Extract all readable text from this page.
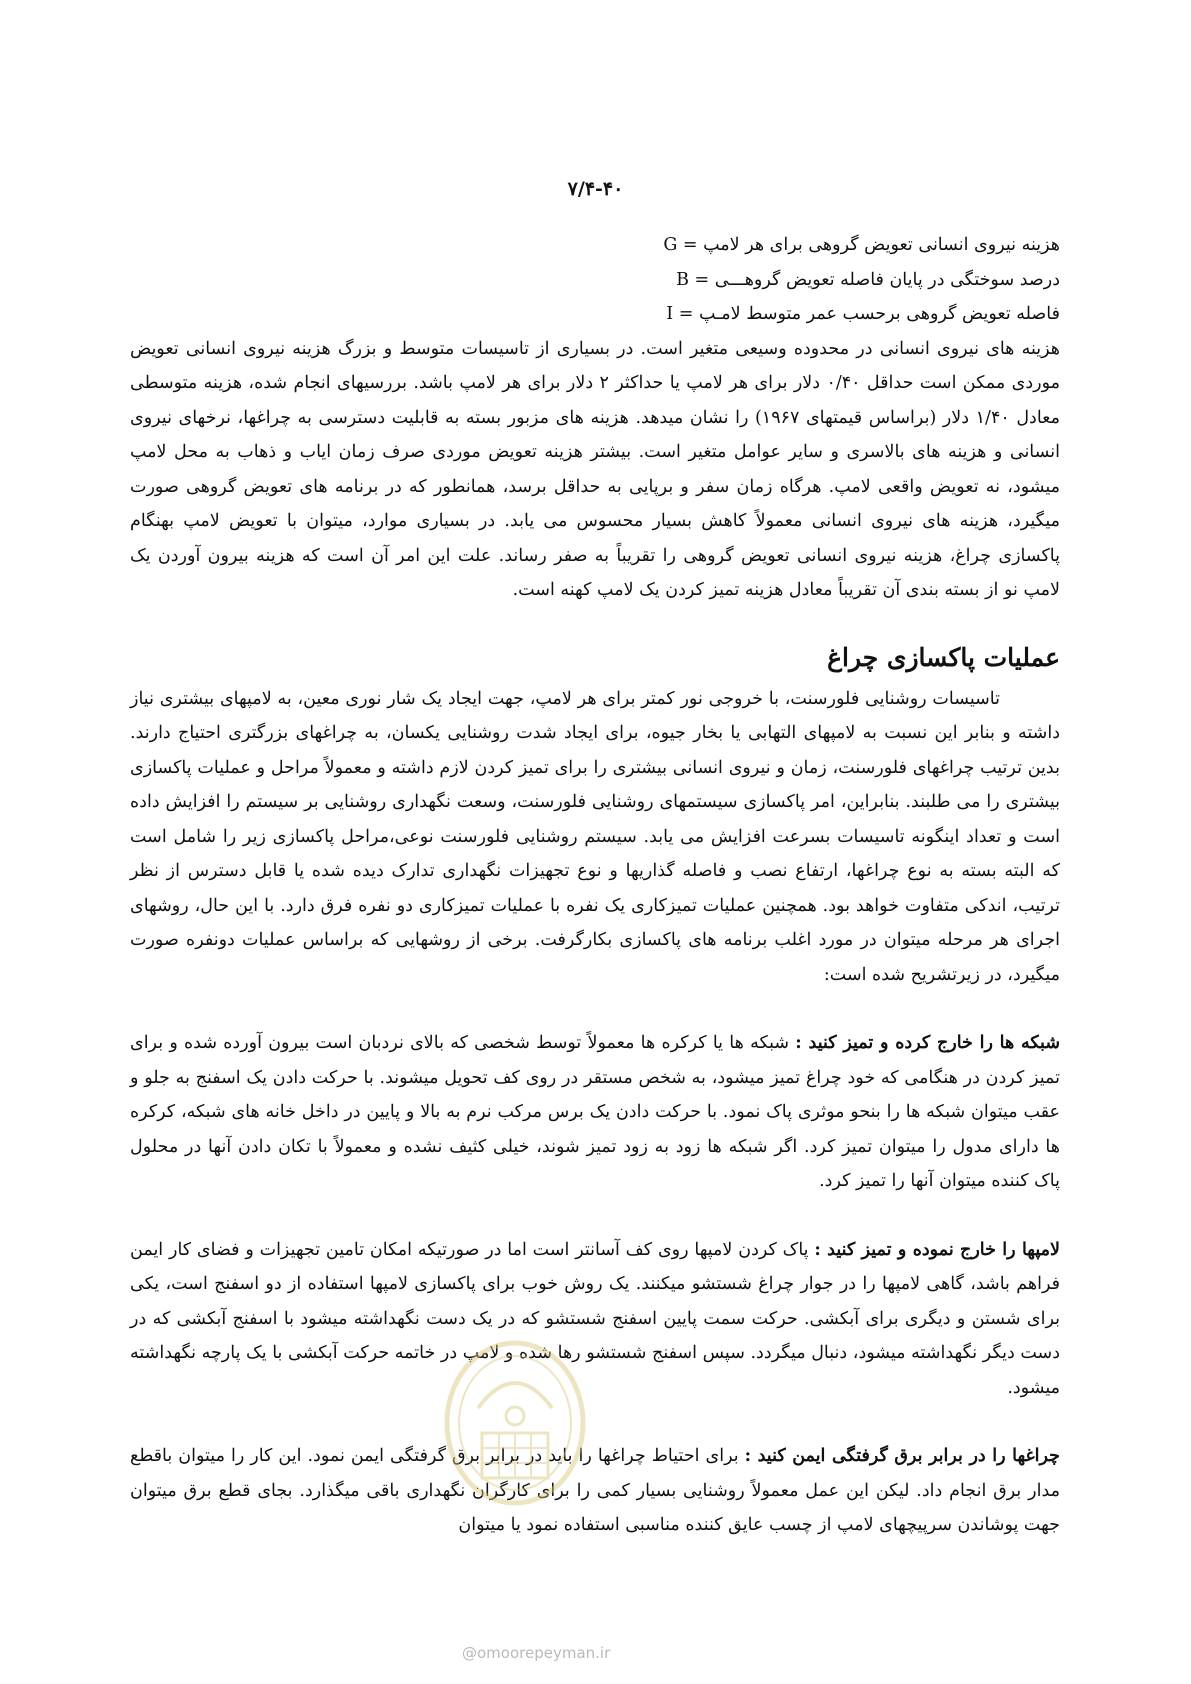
۷/۴-۴۰
هزینه نیروی انسانی تعویض گروهی برای هر لامپ = G
درصد سوختگی در پایان فاصله تعویض گروهـــی = B
فاصله تعویض گروهی برحسب عمر متوسط لامـپ = I

هزینه های نیروی انسانی در محدوده وسیعی متغیر است. در بسیاری از تاسیسات متوسط و بزرگ هزینه نیروی انسانی تعویض موردی ممکن است حداقل ۰/۴۰ دلار برای هر لامپ یا حداکثر ۲ دلار برای هر لامپ باشد. بررسیهای انجام شده، هزینه متوسطی معادل ۱/۴۰ دلار (براساس قیمتهای ۱۹۶۷) را نشان میدهد. هزینه های مزبور بسته به قابلیت دسترسی به چراغها، نرخهای نیروی انسانی و هزینه های بالاسری و سایر عوامل متغیر است. بیشتر هزینه تعویض موردی صرف زمان ایاب و ذهاب به محل لامپ میشود، نه تعویض واقعی لامپ. هرگاه زمان سفر و برپایی به حداقل برسد، همانطور که در برنامه های تعویض گروهی صورت میگیرد، هزینه های نیروی انسانی معمولاً کاهش بسیار محسوس می یابد. در بسیاری موارد، میتوان با تعویض لامپ بهنگام پاکسازی چراغ، هزینه نیروی انسانی تعویض گروهی را تقریباً به صفر رساند. علت این امر آن است که هزینه بیرون آوردن یک لامپ نو از بسته بندی آن تقریباً معادل هزینه تمیز کردن یک لامپ کهنه است.

عملیات پاکسازی چراغ

تاسیسات روشنایی فلورسنت، با خروجی نور کمتر برای هر لامپ، جهت ایجاد یک شار نوری معین، به لامپهای بیشتری نیاز داشته و بنابر این نسبت به لامپهای التهابی یا بخار جیوه، برای ایجاد شدت روشنایی یکسان، به چراغهای بزرگتری احتیاج دارند. بدین ترتیب چراغهای فلورسنت، زمان و نیروی انسانی بیشتری را برای تمیز کردن لازم داشته و معمولاً مراحل و عملیات پاکسازی بیشتری را می طلبند. بنابراین، امر پاکسازی سیستمهای روشنایی فلورسنت، وسعت نگهداری روشنایی بر سیستم را افزایش داده است و تعداد اینگونه تاسیسات بسرعت افزایش می یابد. سیستم روشنایی فلورسنت نوعی،مراحل پاکسازی زیر را شامل است که البته بسته به نوع چراغها، ارتفاع نصب و فاصله گذاریها و نوع تجهیزات نگهداری تدارک دیده شده یا قابل دسترس از نظر ترتیب، اندکی متفاوت خواهد بود. همچنین عملیات تمیزکاری یک نفره با عملیات تمیزکاری دو نفره فرق دارد. با این حال، روشهای اجرای هر مرحله میتوان در مورد اغلب برنامه های پاکسازی بکارگرفت. برخی از روشهایی که براساس عملیات دونفره صورت میگیرد، در زیرتشریح شده است:

شبکه ها را خارج کرده و تمیز کنید : شبکه ها یا کرکره ها معمولاً توسط شخصی که بالای نردبان است بیرون آورده شده و برای تمیز کردن در هنگامی که خود چراغ تمیز میشود، به شخص مستقر در روی کف تحویل میشوند. با حرکت دادن یک اسفنج به جلو و عقب میتوان شبکه ها را بنحو موثری پاک نمود. با حرکت دادن یک برس مرکب نرم به بالا و پایین در داخل خانه های شبکه، کرکره ها دارای مدول را میتوان تمیز کرد. اگر شبکه ها زود به زود تمیز شوند، خیلی کثیف نشده و معمولاً با تکان دادن آنها در محلول پاک کننده میتوان آنها را تمیز کرد.

لامپها را خارج نموده و تمیز کنید : پاک کردن لامپها روی کف آسانتر است اما در صورتیکه امکان تامین تجهیزات و فضای کار ایمن فراهم باشد، گاهی لامپها را در جوار چراغ شستشو میکنند. یک روش خوب برای پاکسازی لامپها استفاده از دو اسفنج است، یکی برای شستن و دیگری برای آبکشی. حرکت سمت پایین اسفنج شستشو که در یک دست نگهداشته میشود با اسفنج آبکشی که در دست دیگر نگهداشته میشود، دنبال میگردد. سپس اسفنج شستشو رها شده و لامپ در خاتمه حرکت آبکشی با یک پارچه نگهداشته میشود.

چراغها را در برابر برق گرفتگی ایمن کنید : برای احتیاط چراغها را باید در برابر برق گرفتگی ایمن نمود. این کار را میتوان باقطع مدار برق انجام داد. لیکن این عمل معمولاً روشنایی بسیار کمی را برای کارگران نگهداری باقی میگذارد. بجای قطع برق میتوان جهت پوشاندن سرپیچهای لامپ از چسب عایق کننده مناسبی استفاده نمود یا میتوان

@omoorepeyman.ir
